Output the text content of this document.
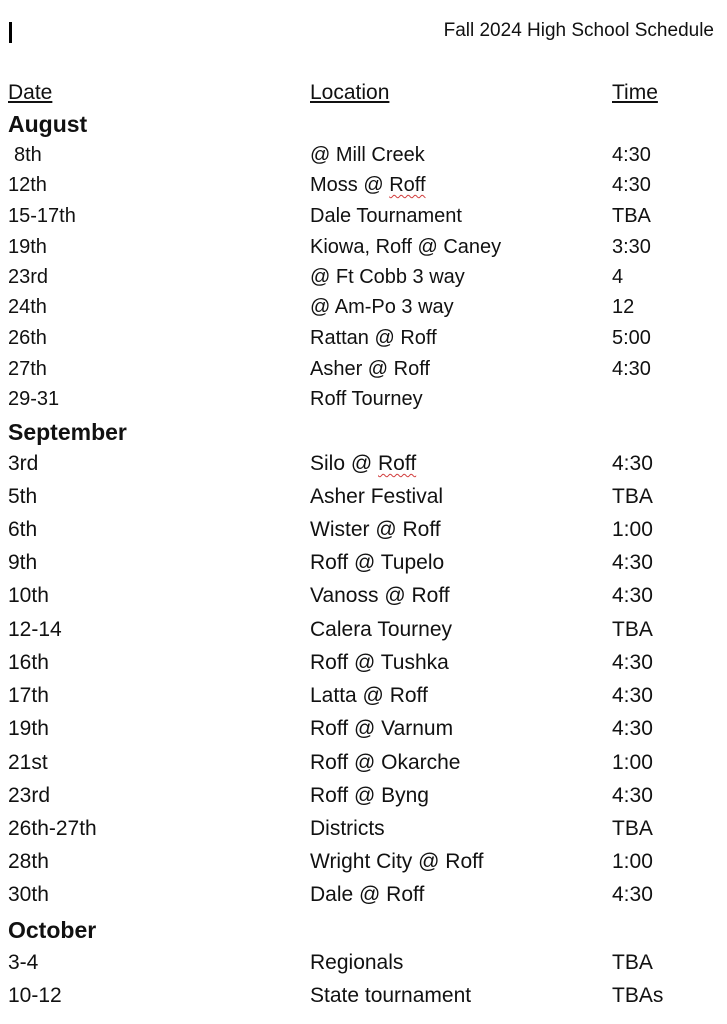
Fall 2024 High School Schedule
Date	Location	Time
August
8th	@ Mill Creek	4:30
12th	Moss @ Roff	4:30
15-17th	Dale Tournament	TBA
19th	Kiowa, Roff @ Caney	3:30
23rd	@ Ft Cobb 3 way	4
24th	@ Am-Po 3 way	12
26th	Rattan @ Roff	5:00
27th	Asher @ Roff	4:30
29-31	Roff Tourney
September
3rd	Silo @ Roff	4:30
5th	Asher Festival	TBA
6th	Wister @ Roff	1:00
9th	Roff @ Tupelo	4:30
10th	Vanoss @ Roff	4:30
12-14	Calera Tourney	TBA
16th	Roff @ Tushka	4:30
17th	Latta @ Roff	4:30
19th	Roff @ Varnum	4:30
21st	Roff @ Okarche	1:00
23rd	Roff @ Byng	4:30
26th-27th	Districts	TBA
28th	Wright City @ Roff	1:00
30th	Dale @ Roff	4:30
October
3-4	Regionals	TBA
10-12	State tournament	TBAs
